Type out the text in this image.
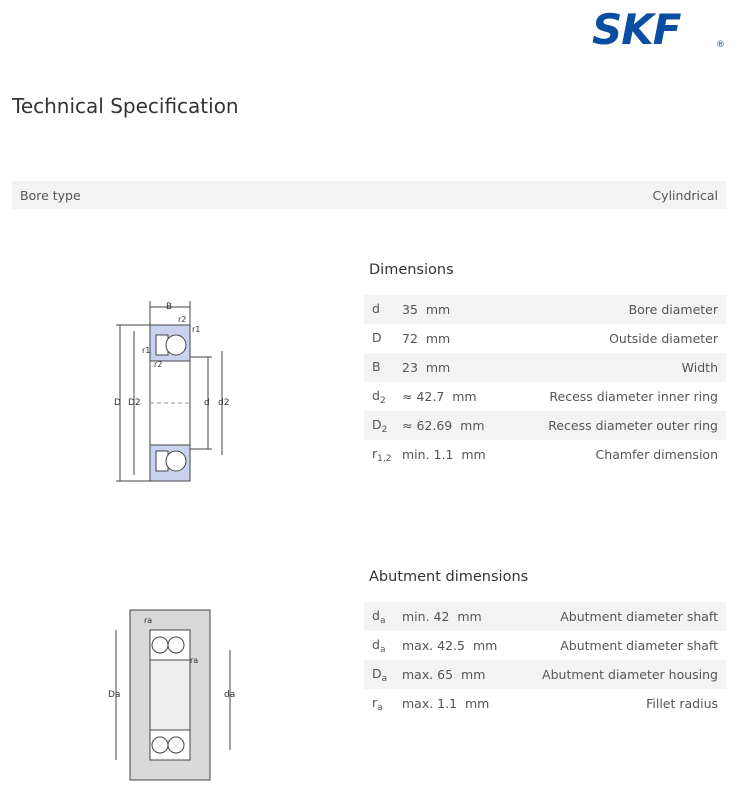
SKF	®
Technical Specification
Bore type	Cylindrical
B
r2
r1
r1
r2
D D2	d d2
Dimensions
d	35  mm	Bore diameter
D	72  mm	Outside diameter
B	23  mm	Width
$d_2$	≈ 42.7  mm	Recess diameter inner ring
$D_2$	≈ 62.69  mm	Recess diameter outer ring
$r_{1,2}$ min. 1.1  mm	Chamfer dimension
ra
ra
Da	da
Abutment dimensions
$d_a$	min. 42  mm	Abutment diameter shaft
$d_a$	max. 42.5  mm	Abutment diameter shaft
$D_a$	max. 65  mm	Abutment diameter housing
$r_a$	max. 1.1  mm	Fillet radius
